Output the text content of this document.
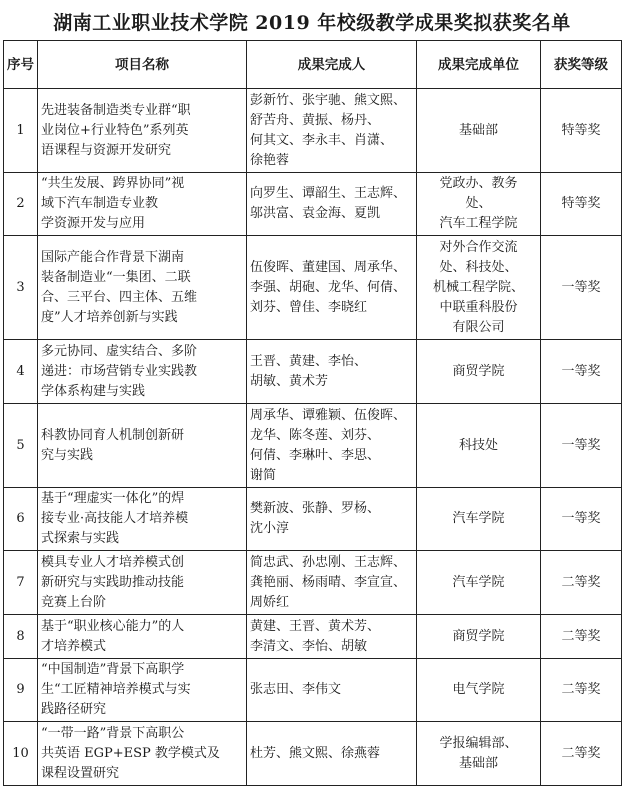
湖南工业职业技术学院 2019 年校级教学成果奖拟获奖名单
序号	项目名称	成果完成人	成果完成单位	获奖等级
1	先进装备制造类专业群“职
业岗位+行业特色”系列英
语课程与资源开发研究	彭新竹、张宇驰、熊文熙、
舒苦舟、黄振、杨丹、
何其文、李永丰、肖潇、
徐艳蓉	基础部	特等奖
2	“共生发展、跨界协同”视
域下汽车制造专业教
学资源开发与应用	向罗生、谭韶生、王志辉、
邬洪富、袁金海、夏凯	党政办、教务
处、
汽车工程学院	特等奖
3	国际产能合作背景下湖南
装备制造业“一集团、二联
合、三平台、四主体、五维
度”人才培养创新与实践	伍俊晖、董建国、周承华、
李强、胡砲、龙华、何倩、
刘芬、曾佳、李晓红	对外合作交流
处、科技处、
机械工程学院、
中联重科股份
有限公司	一等奖
4	多元协同、虚实结合、多阶
递进：市场营销专业实践教
学体系构建与实践	王晋、黄建、李怡、
胡敏、黄术芳	商贸学院	一等奖
5	科教协同育人机制创新研
究与实践	周承华、谭雅颖、伍俊晖、
龙华、陈冬莲、刘芬、
何倩、李琳叶、李思、
谢简	科技处	一等奖
6	基于“理虚实一体化”的焊
接专业·高技能人才培养模
式探索与实践	樊新波、张静、罗杨、
沈小淳	汽车学院	一等奖
7	模具专业人才培养模式创
新研究与实践助推动技能
竞赛上台阶	简忠武、孙忠刚、王志辉、
龚艳丽、杨雨晴、李宣宣、
周娇红	汽车学院	二等奖
8	基于“职业核心能力”的人
才培养模式	黄建、王晋、黄术芳、
李清文、李怡、胡敏	商贸学院	二等奖
9	“中国制造”背景下高职学
生“工匠精神培养模式与实
践路径研究	张志田、李伟文	电气学院	二等奖
10	“一带一路”背景下高职公
共英语 EGP+ESP 教学模式及
课程设置研究	杜芳、熊文熙、徐燕蓉	学报编辑部、
基础部	二等奖
